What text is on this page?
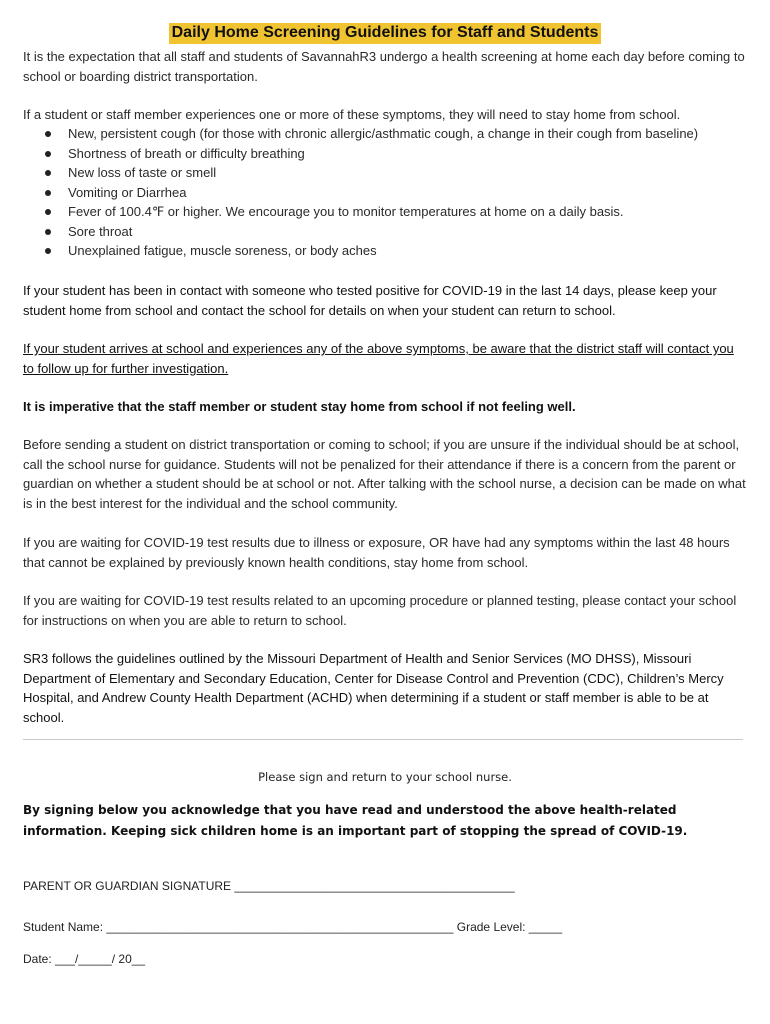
Daily Home Screening Guidelines for Staff and Students
It is the expectation that all staff and students of SavannahR3 undergo a health screening at home each day before coming to school or boarding district transportation.
If a student or staff member experiences one or more of these symptoms, they will need to stay home from school.
New, persistent cough (for those with chronic allergic/asthmatic cough, a change in their cough from baseline)
Shortness of breath or difficulty breathing
New loss of taste or smell
Vomiting or Diarrhea
Fever of 100.4℉ or higher. We encourage you to monitor temperatures at home on a daily basis.
Sore throat
Unexplained fatigue, muscle soreness, or body aches
If your student has been in contact with someone who tested positive for COVID-19 in the last 14 days, please keep your student home from school and contact the school for details on when your student can return to school.
If your student arrives at school and experiences any of the above symptoms, be aware that the district staff will contact you to follow up for further investigation.
It is imperative that the staff member or student stay home from school if not feeling well.
Before sending a student on district transportation or coming to school; if you are unsure if the individual should be at school, call the school nurse for guidance. Students will not be penalized for their attendance if there is a concern from the parent or guardian on whether a student should be at school or not. After talking with the school nurse, a decision can be made on what is in the best interest for the individual and the school community.
If you are waiting for COVID-19 test results due to illness or exposure, OR have had any symptoms within the last 48 hours that cannot be explained by previously known health conditions, stay home from school.
If you are waiting for COVID-19 test results related to an upcoming procedure or planned testing, please contact your school for instructions on when you are able to return to school.
SR3 follows the guidelines outlined by the Missouri Department of Health and Senior Services (MO DHSS), Missouri Department of Elementary and Secondary Education, Center for Disease Control and Prevention (CDC), Children’s Mercy Hospital, and Andrew County Health Department (ACHD) when determining if a student or staff member is able to be at school.
Please sign and return to your school nurse.
By signing below you acknowledge that you have read and understood the above health-related information. Keeping sick children home is an important part of stopping the spread of COVID-19.
PARENT OR GUARDIAN SIGNATURE __________________________________________
Student Name: ____________________________________________________ Grade Level: _____
Date: ___/_____/ 20__
